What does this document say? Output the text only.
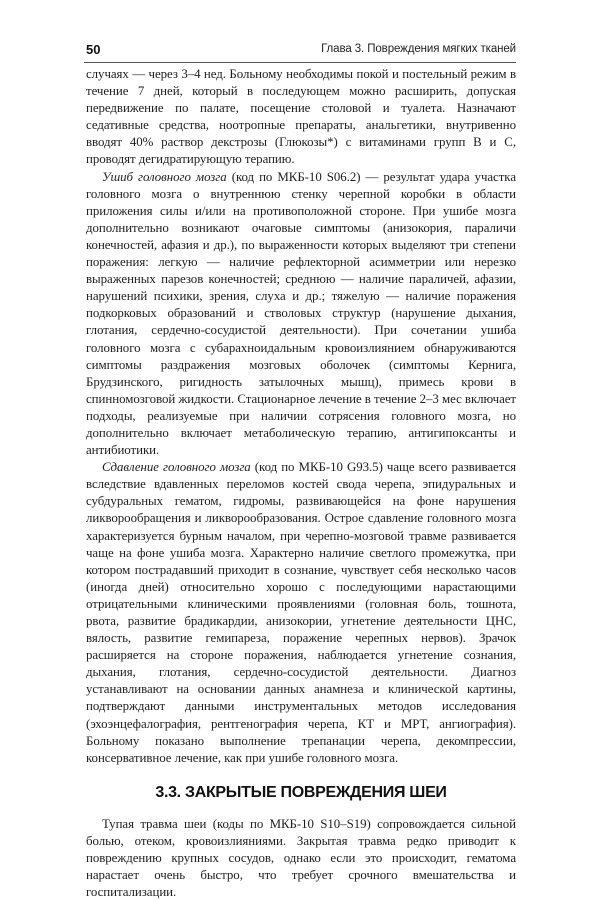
50	Глава 3. Повреждения мягких тканей

случаях — через 3–4 нед. Больному необходимы покой и постельный режим в течение 7 дней, который в последующем можно расширить, допуская передвижение по палате, посещение столовой и туалета. Назначают седативные средства, ноотропные препараты, анальгетики, внутривенно вводят 40% раствор декстрозы (Глюкозы*) с витаминами групп B и C, проводят дегидратирующую терапию.

Ушиб головного мозга (код по МКБ-10 S06.2) — результат удара участка головного мозга о внутреннюю стенку черепной коробки в области приложения силы и/или на противоположной стороне. При ушибе мозга дополнительно возникают очаговые симптомы (анизокория, параличи конечностей, афазия и др.), по выраженности которых выделяют три степени поражения: легкую — наличие рефлекторной асимметрии или нерезко выраженных парезов конечностей; среднюю — наличие параличей, афазии, нарушений психики, зрения, слуха и др.; тяжелую — наличие поражения подкорковых образований и стволовых структур (нарушение дыхания, глотания, сердечно-сосудистой деятельности). При сочетании ушиба головного мозга с субарахноидальным кровоизлиянием обнаруживаются симптомы раздражения мозговых оболочек (симптомы Кернига, Брудзинского, ригидность затылочных мышц), примесь крови в спинномозговой жидкости. Стационарное лечение в течение 2–3 мес включает подходы, реализуемые при наличии сотрясения головного мозга, но дополнительно включает метаболическую терапию, антигипоксанты и антибиотики.

Сдавление головного мозга (код по МКБ-10 G93.5) чаще всего развивается вследствие вдавленных переломов костей свода черепа, эпидуральных и субдуральных гематом, гидромы, развивающейся на фоне нарушения ликворообращения и ликворообразования. Острое сдавление головного мозга характеризуется бурным началом, при черепно-мозговой травме развивается чаще на фоне ушиба мозга. Характерно наличие светлого промежутка, при котором пострадавший приходит в сознание, чувствует себя несколько часов (иногда дней) относительно хорошо с последующими нарастающими отрицательными клиническими проявлениями (головная боль, тошнота, рвота, развитие брадикардии, анизокории, угнетение деятельности ЦНС, вялость, развитие гемипареза, поражение черепных нервов). Зрачок расширяется на стороне поражения, наблюдается угнетение сознания, дыхания, глотания, сердечно-сосудистой деятельности. Диагноз устанавливают на основании данных анамнеза и клинической картины, подтверждают данными инструментальных методов исследования (эхоэнцефалография, рентгенография черепа, КТ и МРТ, ангиография). Больному показано выполнение трепанации черепа, декомпрессии, консервативное лечение, как при ушибе головного мозга.

3.3. ЗАКРЫТЫЕ ПОВРЕЖДЕНИЯ ШЕИ

Тупая травма шеи (коды по МКБ-10 S10–S19) сопровождается сильной болью, отеком, кровоизлияниями. Закрытая травма редко приводит к повреждению крупных сосудов, однако если это происходит, гематома нарастает очень быстро, что требует срочного вмешательства и госпитализации.
